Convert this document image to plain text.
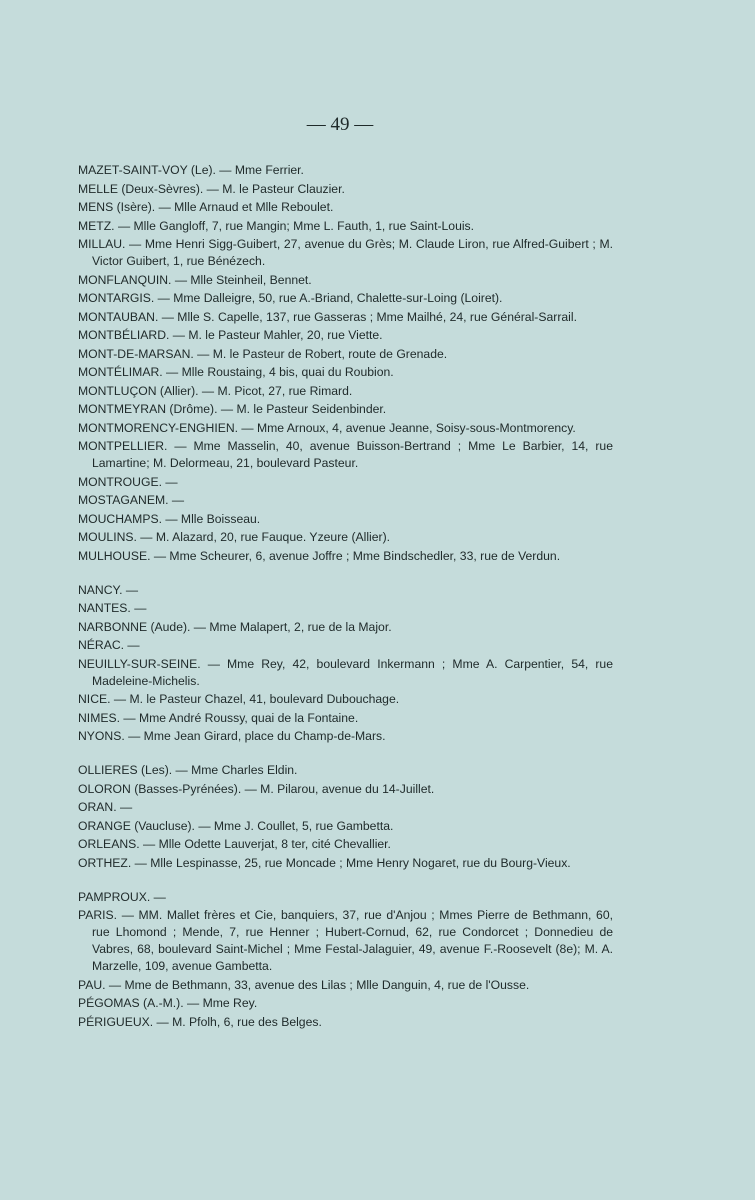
— 49 —

MAZET-SAINT-VOY (Le). — Mme Ferrier.

MELLE (Deux-Sèvres). — M. le Pasteur Clauzier.

MENS (Isère). — Mlle Arnaud et Mlle Reboulet.

METZ. — Mlle Gangloff, 7, rue Mangin; Mme L. Fauth, 1, rue Saint-Louis.

MILLAU. — Mme Henri Sigg-Guibert, 27, avenue du Grès; M. Claude Liron, rue Alfred-Guibert ; M. Victor Guibert, 1, rue Bénézech.

MONFLANQUIN. — Mlle Steinheil, Bennet.

MONTARGIS. — Mme Dalleigre, 50, rue A.-Briand, Chalette-sur-Loing (Loiret).

MONTAUBAN. — Mlle S. Capelle, 137, rue Gasseras ; Mme Mailhé, 24, rue Général-Sarrail.

MONTBÉLIARD. — M. le Pasteur Mahler, 20, rue Viette.

MONT-DE-MARSAN. — M. le Pasteur de Robert, route de Grenade.

MONTÉLIMAR. — Mlle Roustaing, 4 bis, quai du Roubion.

MONTLUÇON (Allier). — M. Picot, 27, rue Rimard.

MONTMEYRAN (Drôme). — M. le Pasteur Seidenbinder.

MONTMORENCY-ENGHIEN. — Mme Arnoux, 4, avenue Jeanne, Soisy-sous-Montmorency.

MONTPELLIER. — Mme Masselin, 40, avenue Buisson-Bertrand ; Mme Le Barbier, 14, rue Lamartine; M. Delormeau, 21, boulevard Pasteur.

MONTROUGE. —

MOSTAGANEM. —

MOUCHAMPS. — Mlle Boisseau.

MOULINS. — M. Alazard, 20, rue Fauque. Yzeure (Allier).

MULHOUSE. — Mme Scheurer, 6, avenue Joffre ; Mme Bindschedler, 33, rue de Verdun.

NANCY. —

NANTES. —

NARBONNE (Aude). — Mme Malapert, 2, rue de la Major.

NÉRAC. —

NEUILLY-SUR-SEINE. — Mme Rey, 42, boulevard Inkermann ; Mme A. Carpentier, 54, rue Madeleine-Michelis.

NICE. — M. le Pasteur Chazel, 41, boulevard Dubouchage.

NIMES. — Mme André Roussy, quai de la Fontaine.

NYONS. — Mme Jean Girard, place du Champ-de-Mars.

OLLIERES (Les). — Mme Charles Eldin.

OLORON (Basses-Pyrénées). — M. Pilarou, avenue du 14-Juillet.

ORAN. —

ORANGE (Vaucluse). — Mme J. Coullet, 5, rue Gambetta.

ORLEANS. — Mlle Odette Lauverjat, 8 ter, cité Chevallier.

ORTHEZ. — Mlle Lespinasse, 25, rue Moncade ; Mme Henry Nogaret, rue du Bourg-Vieux.

PAMPROUX. —

PARIS. — MM. Mallet frères et Cie, banquiers, 37, rue d'Anjou ; Mmes Pierre de Bethmann, 60, rue Lhomond ; Mende, 7, rue Henner ; Hubert-Cornud, 62, rue Condorcet ; Donnedieu de Vabres, 68, boulevard Saint-Michel ; Mme Festal-Jalaguier, 49, avenue F.-Roosevelt (8e); M. A. Marzelle, 109, avenue Gambetta.

PAU. — Mme de Bethmann, 33, avenue des Lilas ; Mlle Danguin, 4, rue de l'Ousse.

PÉGOMAS (A.-M.). — Mme Rey.

PÉRIGUEUX. — M. Pfolh, 6, rue des Belges.
